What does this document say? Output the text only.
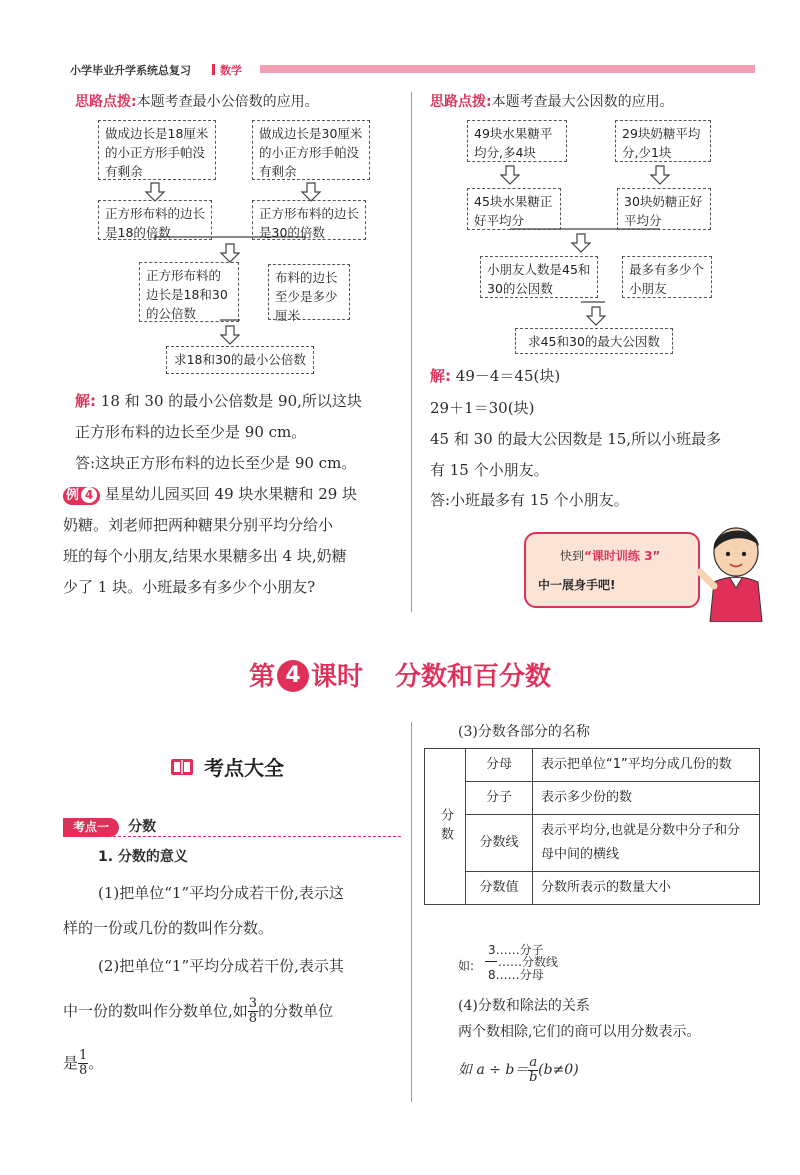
小学毕业升学系统总复习	数学
思路点拨:本题考查最小公倍数的应用。
做成边长是18厘米的小正方形手帕没有剩余
做成边长是30厘米的小正方形手帕没有剩余
正方形布料的边长是18的倍数
正方形布料的边长是30的倍数
正方形布料的边长是18和30的公倍数
布料的边长至少是多少厘米
求18和30的最小公倍数
解: 18 和 30 的最小公倍数是 90,所以这块
正方形布料的边长至少是 90 cm。
答:这块正方形布料的边长至少是 90 cm。
例 4 星星幼儿园买回 49 块水果糖和 29 块
奶糖。刘老师把两种糖果分别平均分给小
班的每个小朋友,结果水果糖多出 4 块,奶糖
少了 1 块。小班最多有多少个小朋友?
思路点拨:本题考查最大公因数的应用。
49块水果糖平均分,多4块
29块奶糖平均分,少1块
45块水果糖正好平均分
30块奶糖正好平均分
小朋友人数是45和30的公因数
最多有多少个小朋友
求45和30的最大公因数
解: 49－4＝45(块)
29＋1＝30(块)
45 和 30 的最大公因数是 15,所以小班最多
有 15 个小朋友。
答:小班最多有 15 个小朋友。
快到“课时训练 3”
中一展身手吧!
第 4 课时 分数和百分数
考点大全
考点一 分数
1. 分数的意义
(1)把单位“1”平均分成若干份,表示这
样的一份或几份的数叫作分数。
(2)把单位“1”平均分成若干份,表示其
中一份的数叫作分数单位,如 $\frac{3}{8}$ 的分数单位
是 $\frac{1}{8}$ 。
(3)分数各部分的名称
分数	分母	表示把单位“1”平均分成几份的数
	分子	表示多少份的数
	分数线	表示平均分,也就是分数中分子和分母中间的横线
	分数值	分数所表示的数量大小
如:
3……分子
……分数线
8……分母
(4)分数和除法的关系
两个数相除,它们的商可以用分数表示。
如 $a \div b= \frac{a}{b} (b\ne 0)$
